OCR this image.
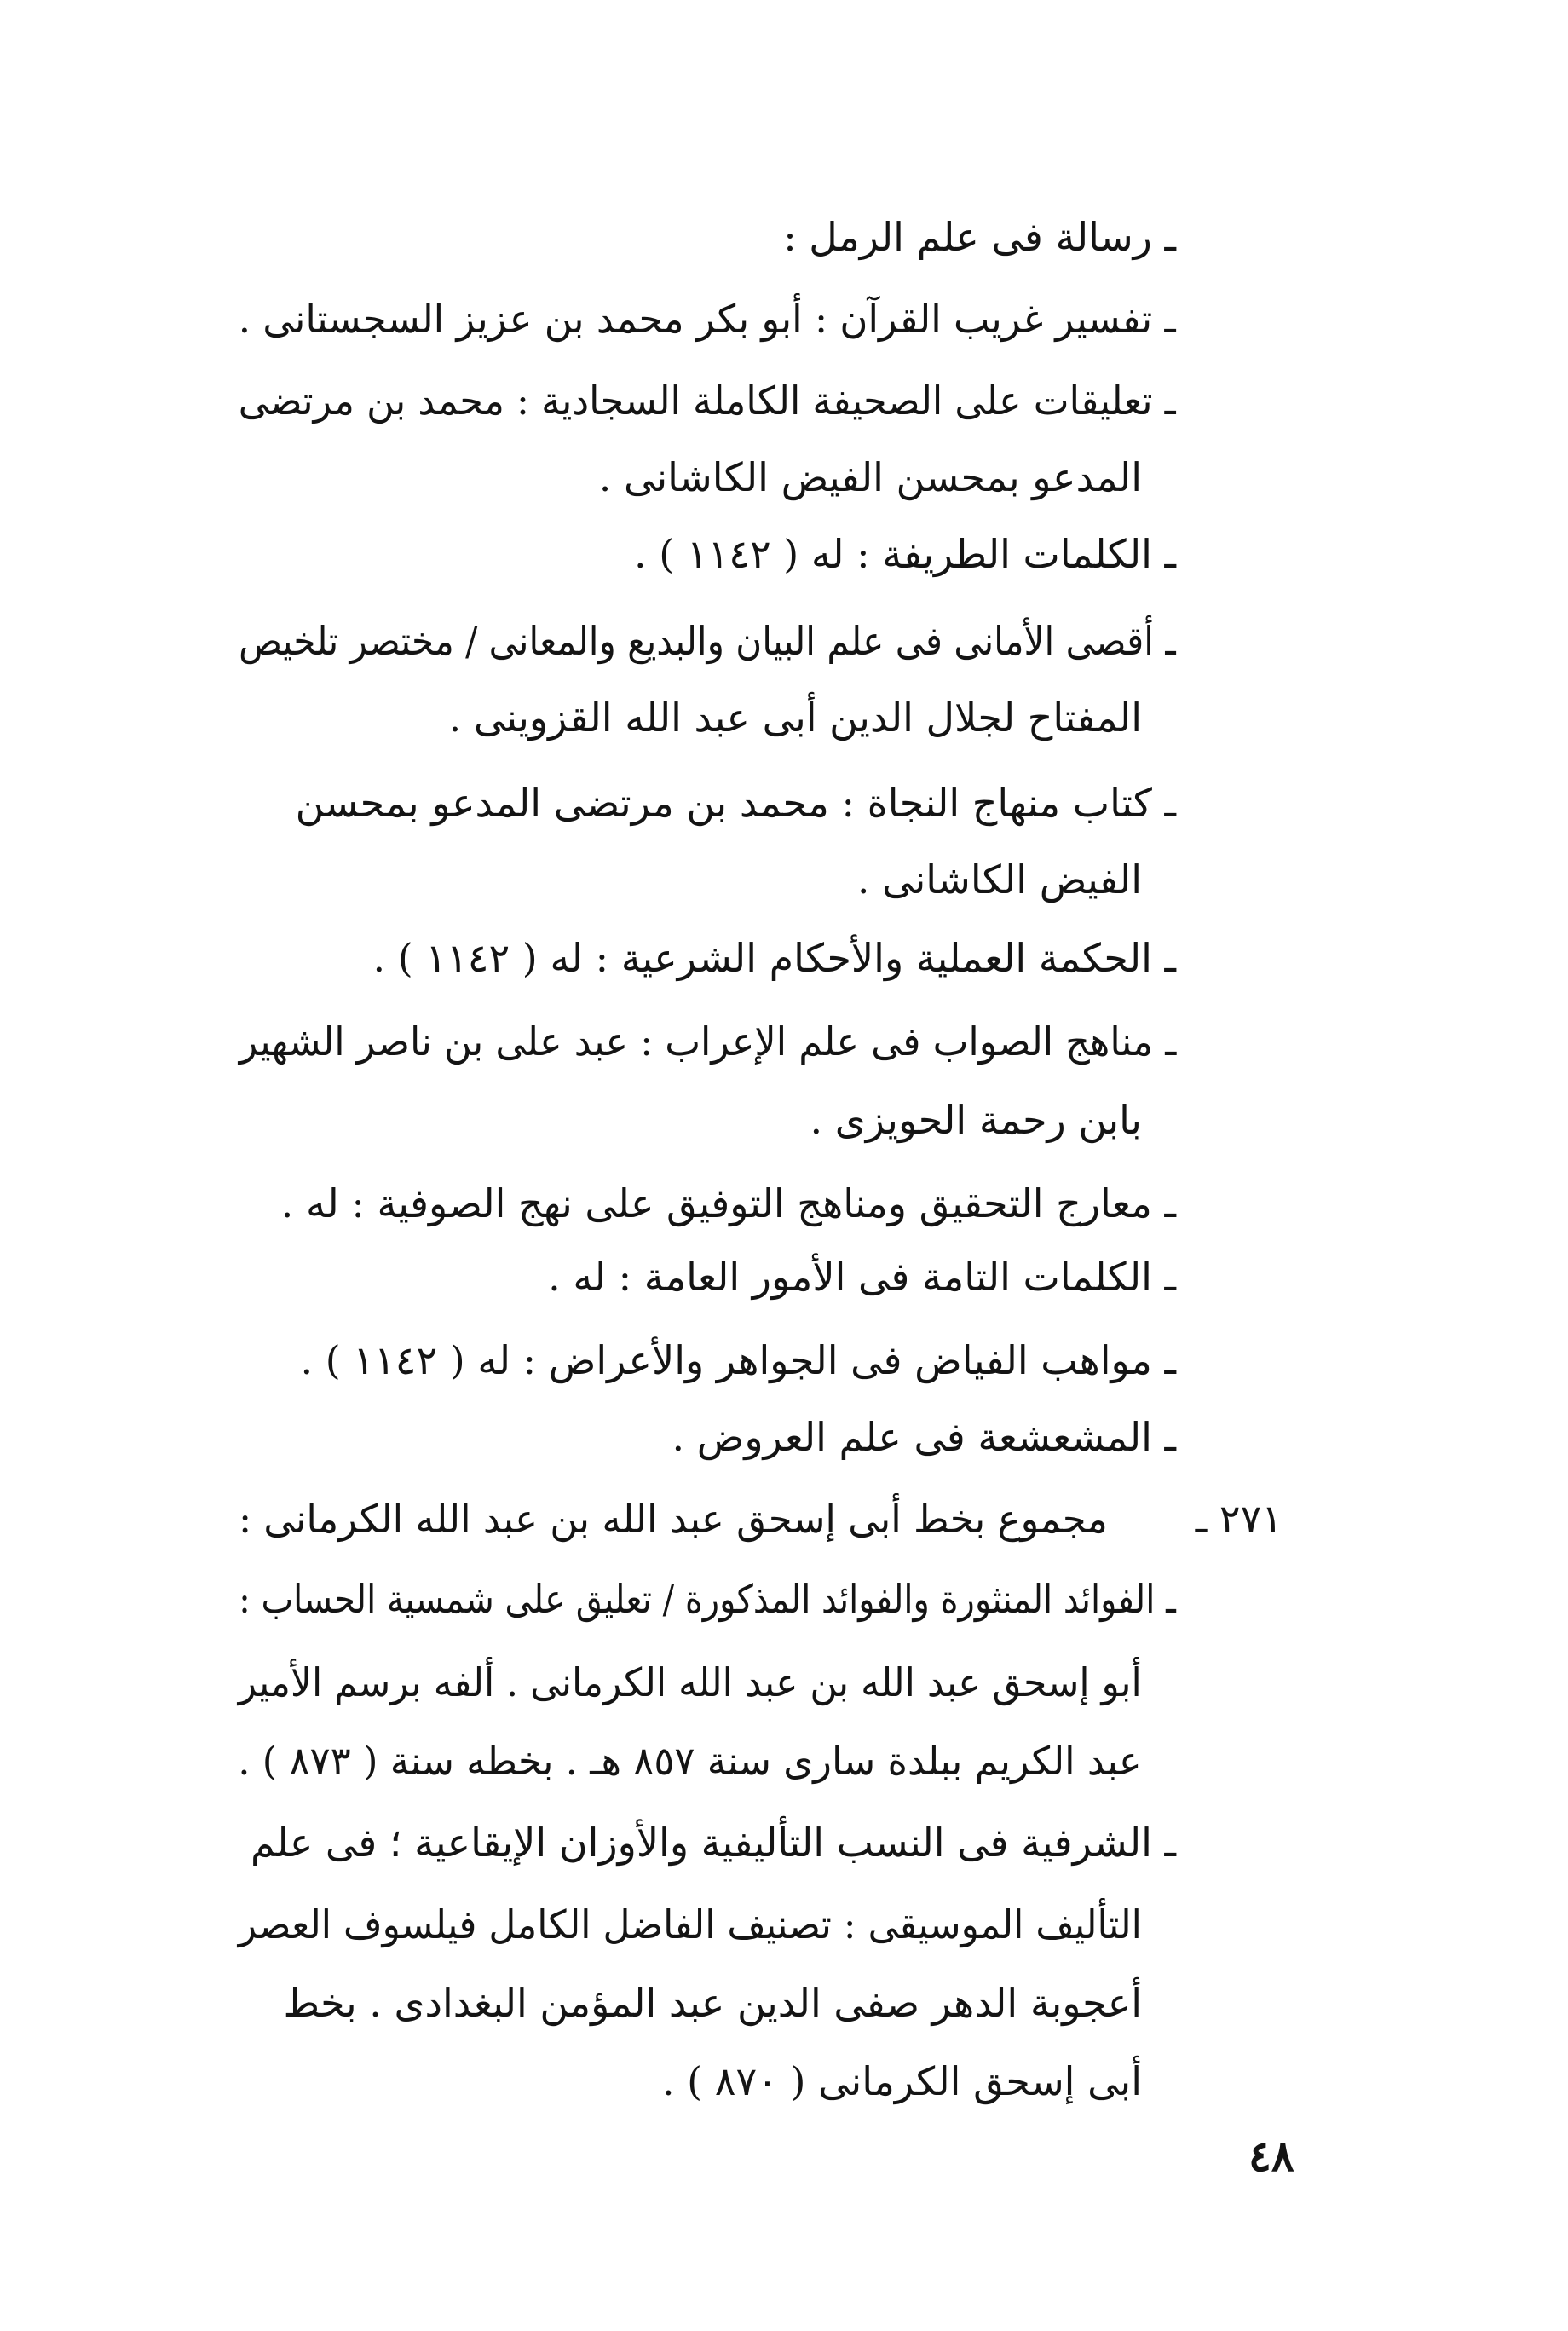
ـ رسالة فى علم الرمل :
ـ تفسير غريب القرآن : أبو بكر محمد بن عزيز السجستانى .
ـ تعليقات على الصحيفة الكاملة السجادية : محمد بن مرتضى
المدعو بمحسن الفيض الكاشانى .
ـ الكلمات الطريفة : له ( ١١٤٢ ) .
ـ أقصى الأمانى فى علم البيان والبديع والمعانى / مختصر تلخيص
المفتاح لجلال الدين أبى عبد الله القزوينى .
ـ كتاب منهاج النجاة : محمد بن مرتضى المدعو بمحسن
الفيض الكاشانى .
ـ الحكمة العملية والأحكام الشرعية : له ( ١١٤٢ ) .
ـ مناهج الصواب فى علم الإعراب : عبد على بن ناصر الشهير
بابن رحمة الحويزى .
ـ معارج التحقيق ومناهج التوفيق على نهج الصوفية : له .
ـ الكلمات التامة فى الأمور العامة : له .
ـ مواهب الفياض فى الجواهر والأعراض : له ( ١١٤٢ ) .
ـ المشعشعة فى علم العروض .
٢٧١ ـ
مجموع بخط أبى إسحق عبد الله بن عبد الله الكرمانى :
ـ الفوائد المنثورة والفوائد المذكورة / تعليق على شمسية الحساب :
أبو إسحق عبد الله بن عبد الله الكرمانى . ألفه برسم الأمير
عبد الكريم ببلدة سارى سنة ٨٥٧ هـ . بخطه سنة ( ٨٧٣ ) .
ـ الشرفية فى النسب التأليفية والأوزان الإيقاعية ؛ فى علم
التأليف الموسيقى : تصنيف الفاضل الكامل فيلسوف العصر
أعجوبة الدهر صفى الدين عبد المؤمن البغدادى . بخط
أبى إسحق الكرمانى ( ٨٧٠ ) .
٤٨
